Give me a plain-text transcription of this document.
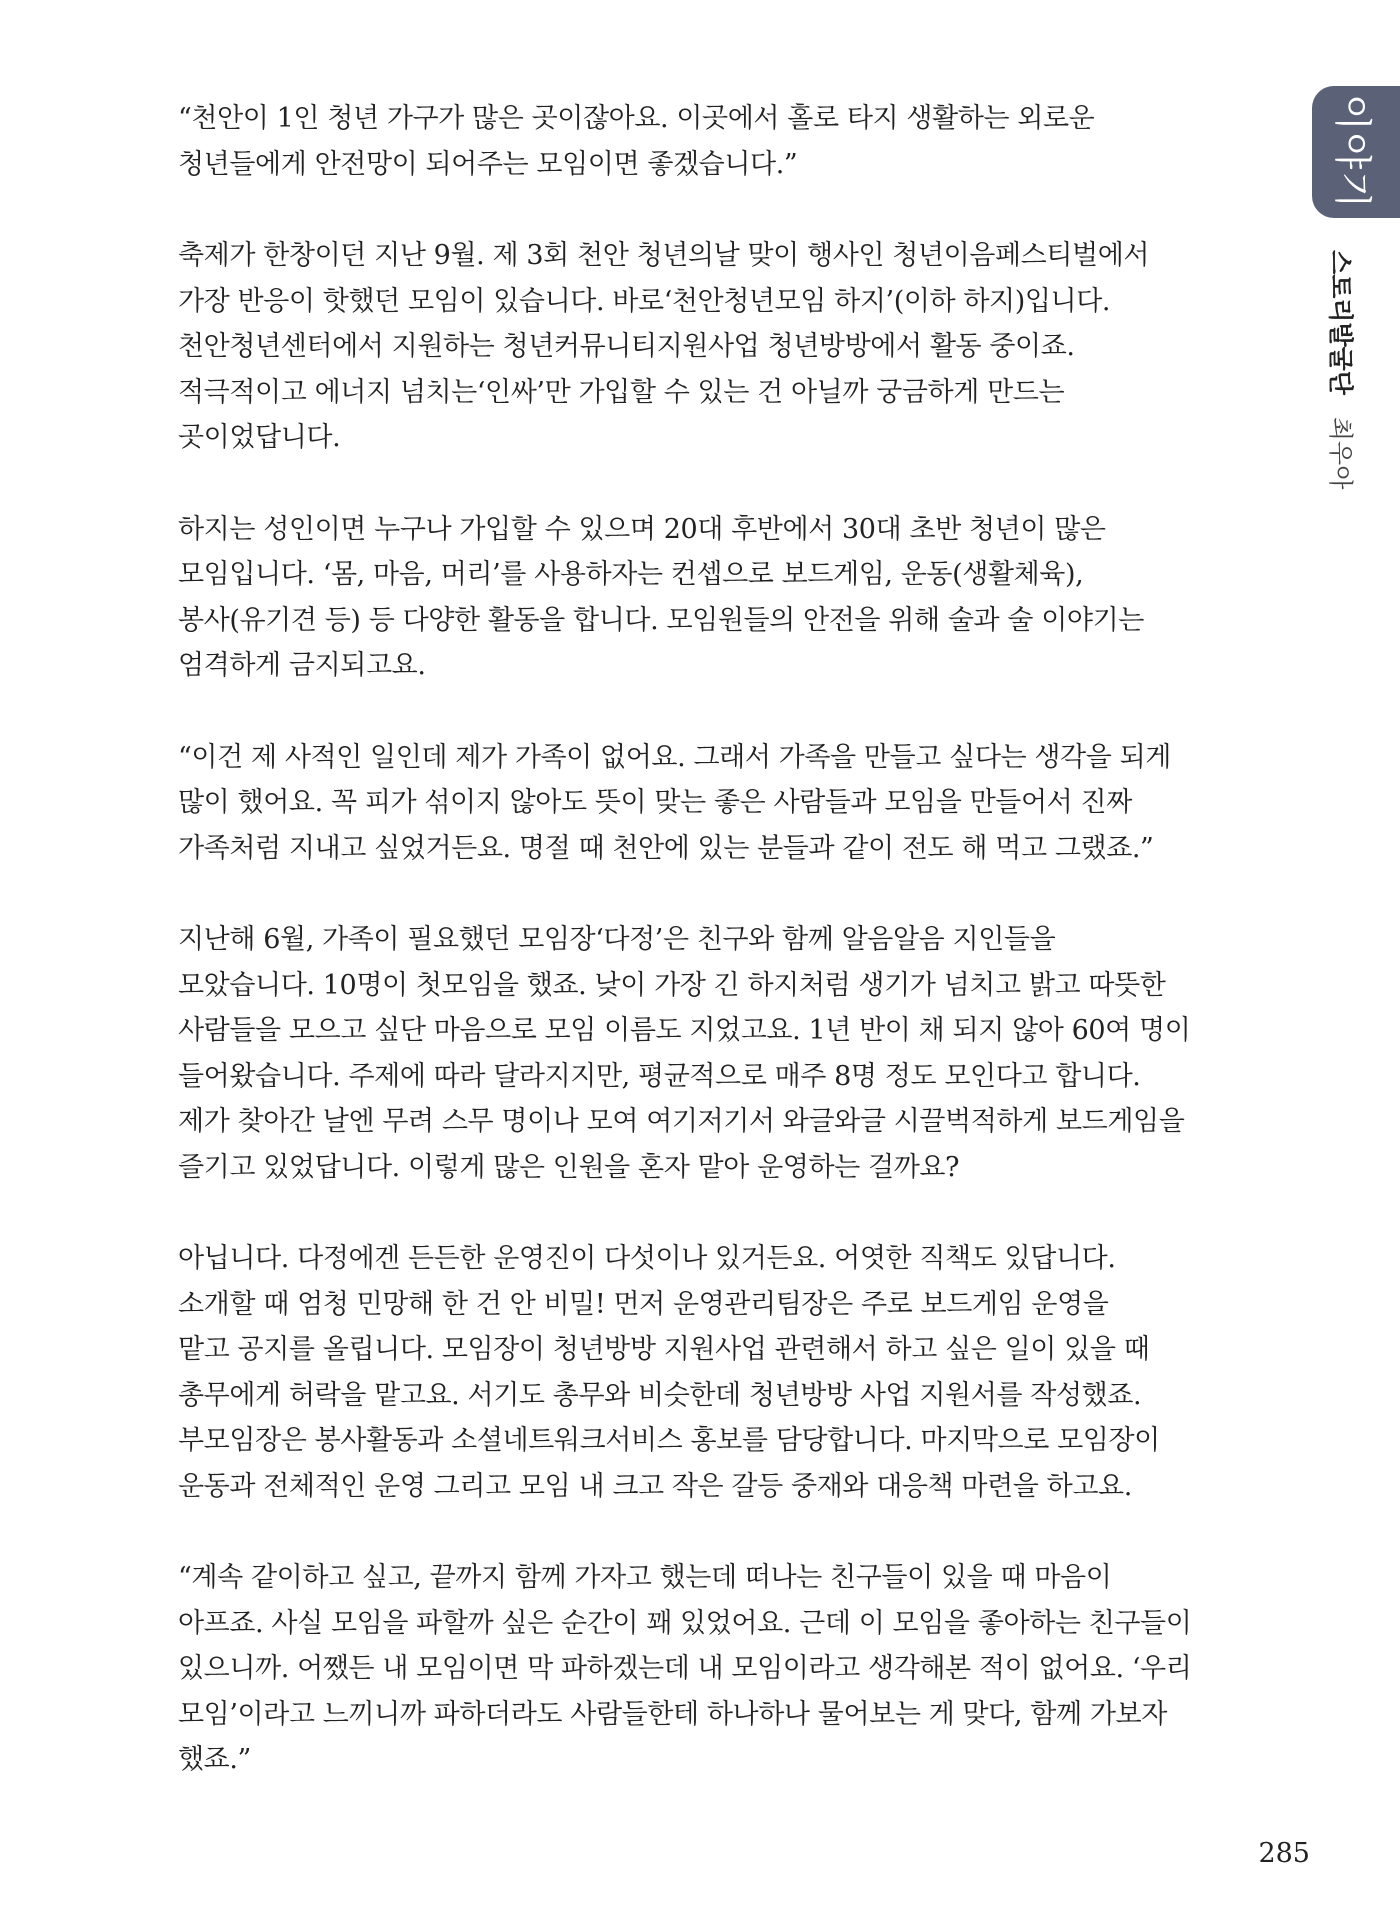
이야기
스토리발굴단최우아

“천안이 1인 청년 가구가 많은 곳이잖아요. 이곳에서 홀로 타지 생활하는 외로운
청년들에게 안전망이 되어주는 모임이면 좋겠습니다.”

축제가 한창이던 지난 9월. 제 3회 천안 청년의날 맞이 행사인 청년이음페스티벌에서
가장 반응이 핫했던 모임이 있습니다. 바로‘천안청년모임 하지’(이하 하지)입니다.
천안청년센터에서 지원하는 청년커뮤니티지원사업 청년방방에서 활동 중이죠.
적극적이고 에너지 넘치는‘인싸’만 가입할 수 있는 건 아닐까 궁금하게 만드는
곳이었답니다.

하지는 성인이면 누구나 가입할 수 있으며 20대 후반에서 30대 초반 청년이 많은
모임입니다. ‘몸, 마음, 머리’를 사용하자는 컨셉으로 보드게임, 운동(생활체육),
봉사(유기견 등) 등 다양한 활동을 합니다. 모임원들의 안전을 위해 술과 술 이야기는
엄격하게 금지되고요.

“이건 제 사적인 일인데 제가 가족이 없어요. 그래서 가족을 만들고 싶다는 생각을 되게
많이 했어요. 꼭 피가 섞이지 않아도 뜻이 맞는 좋은 사람들과 모임을 만들어서 진짜
가족처럼 지내고 싶었거든요. 명절 때 천안에 있는 분들과 같이 전도 해 먹고 그랬죠.”

지난해 6월, 가족이 필요했던 모임장‘다정’은 친구와 함께 알음알음 지인들을
모았습니다. 10명이 첫모임을 했죠. 낮이 가장 긴 하지처럼 생기가 넘치고 밝고 따뜻한
사람들을 모으고 싶단 마음으로 모임 이름도 지었고요. 1년 반이 채 되지 않아 60여 명이
들어왔습니다. 주제에 따라 달라지지만, 평균적으로 매주 8명 정도 모인다고 합니다.
제가 찾아간 날엔 무려 스무 명이나 모여 여기저기서 와글와글 시끌벅적하게 보드게임을
즐기고 있었답니다. 이렇게 많은 인원을 혼자 맡아 운영하는 걸까요?

아닙니다. 다정에겐 든든한 운영진이 다섯이나 있거든요. 어엿한 직책도 있답니다.
소개할 때 엄청 민망해 한 건 안 비밀! 먼저 운영관리팀장은 주로 보드게임 운영을
맡고 공지를 올립니다. 모임장이 청년방방 지원사업 관련해서 하고 싶은 일이 있을 때
총무에게 허락을 맡고요. 서기도 총무와 비슷한데 청년방방 사업 지원서를 작성했죠.
부모임장은 봉사활동과 소셜네트워크서비스 홍보를 담당합니다. 마지막으로 모임장이
운동과 전체적인 운영 그리고 모임 내 크고 작은 갈등 중재와 대응책 마련을 하고요.

“계속 같이하고 싶고, 끝까지 함께 가자고 했는데 떠나는 친구들이 있을 때 마음이
아프죠. 사실 모임을 파할까 싶은 순간이 꽤 있었어요. 근데 이 모임을 좋아하는 친구들이
있으니까. 어쨌든 내 모임이면 막 파하겠는데 내 모임이라고 생각해본 적이 없어요. ‘우리
모임’이라고 느끼니까 파하더라도 사람들한테 하나하나 물어보는 게 맞다, 함께 가보자
했죠.”

285
